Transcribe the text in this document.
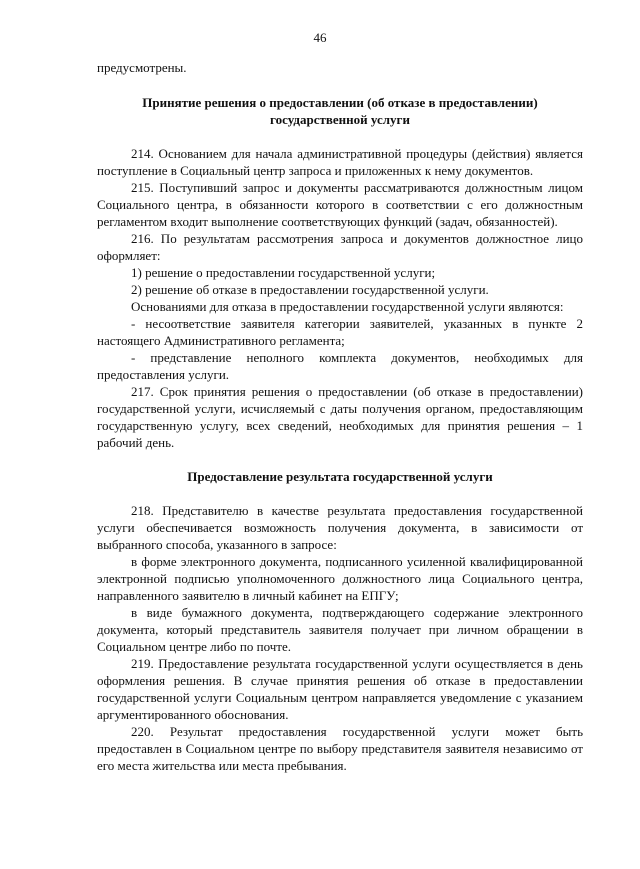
46

предусмотрены.

Принятие решения о предоставлении (об отказе в предоставлении)

государственной услуги

214. Основанием для начала административной процедуры (действия) является поступление в Социальный центр запроса и приложенных к нему документов.

215. Поступивший запрос и документы рассматриваются должностным лицом Социального центра, в обязанности которого в соответствии с его должностным регламентом входит выполнение соответствующих функций (задач, обязанностей).

216. По результатам рассмотрения запроса и документов должностное лицо оформляет:

1) решение о предоставлении государственной услуги;

2) решение об отказе в предоставлении государственной услуги.

Основаниями для отказа в предоставлении государственной услуги являются:

- несоответствие заявителя категории заявителей, указанных в пункте 2 настоящего Административного регламента;

- представление неполного комплекта документов, необходимых для предоставления услуги.

217. Срок принятия решения о предоставлении (об отказе в предоставлении) государственной услуги, исчисляемый с даты получения органом, предоставляющим государственную услугу, всех сведений, необходимых для принятия решения – 1 рабочий день.

Предоставление результата государственной услуги

218. Представителю в качестве результата предоставления государственной услуги обеспечивается возможность получения документа, в зависимости от выбранного способа, указанного в запросе:

в форме электронного документа, подписанного усиленной квалифицированной электронной подписью уполномоченного должностного лица Социального центра, направленного заявителю в личный кабинет на ЕПГУ;

в виде бумажного документа, подтверждающего содержание электронного документа, который представитель заявителя получает при личном обращении в Социальном центре либо по почте.

219. Предоставление результата государственной услуги осуществляется в день оформления решения. В случае принятия решения об отказе в предоставлении государственной услуги Социальным центром направляется уведомление с указанием аргументированного обоснования.

220. Результат предоставления государственной услуги может быть предоставлен в Социальном центре по выбору представителя заявителя независимо от его места жительства или места пребывания.
